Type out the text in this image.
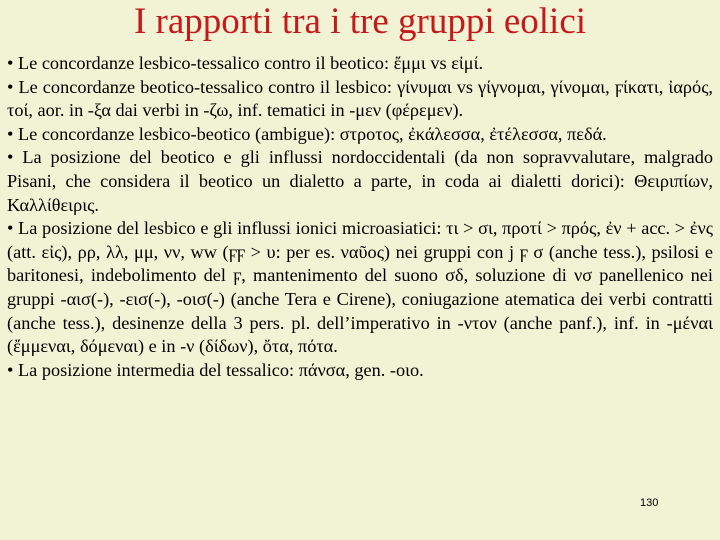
I rapporti tra i tre gruppi eolici

• Le concordanze lesbico-tessalico contro il beotico: ἔμμι vs εἰμί.

• Le concordanze beotico-tessalico contro il lesbico: γίνυμαι vs γίγνομαι, γίνομαι, ϝίκατι, ἰαρός, τοί, aor. in ‑ξα dai verbi in ‑ζω, inf. tematici in ‑μεν (φέρεμεν).

• Le concordanze lesbico-beotico (ambigue): στροτος, ἐκάλεσσα, ἐτέλεσσα, πεδά.

• La posizione del beotico e gli influssi nordoccidentali (da non sopravvalutare, malgrado Pisani, che considera il beotico un dialetto a parte, in coda ai dialetti dorici): Θειριπίων, Καλλίθειρις.

• La posizione del lesbico e gli influssi ionici microasiatici: τι > σι, προτί > πρός, ἐν + acc. > ἐνς (att. εἰς), ρρ, λλ, μμ, νν, ww (ϝϝ > υ: per es. ναῦος) nei gruppi con j ϝ σ (anche tess.), psilosi e baritonesi, indebolimento del ϝ, mantenimento del suono σδ, soluzione di νσ panellenico nei gruppi ‑αισ(‑), ‑εισ(‑), ‑οισ(‑) (anche Tera e Cirene), coniugazione atematica dei verbi contratti (anche tess.), desinenze della 3 pers. pl. dell’imperativo in ‑ντον (anche panf.), inf. in ‑μέναι (ἔμμεναι, δόμεναι) e in ‑ν (δίδων), ὄτα, πότα.

• La posizione intermedia del tessalico: πάνσα, gen. ‑οιο.

130
